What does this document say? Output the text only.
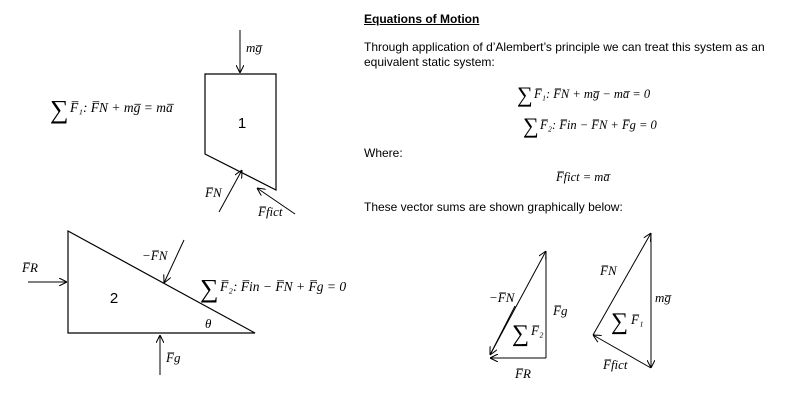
1
mg̅
F̅N
F̅fict
2
θ
F̅R
−F̅N
F̅g
−F̅N
F̅g
F̅R
∑ F̅₂
F̅N
mg̅
F̅fict
∑ F̅₁
∑ F̅₁: F̅N + mg̅ = ma̅
∑ F̅₂: F̅in − F̅N + F̅g = 0
∑ F̅₁: F̅N + mg̅ − ma̅ = 0
∑ F̅₂: F̅in − F̅N + F̅g = 0
F̅fict = ma̅
Equations of Motion
Through application of d’Alembert’s principle we can treat this system as an equivalent static system:
Where:
These vector sums are shown graphically below:
